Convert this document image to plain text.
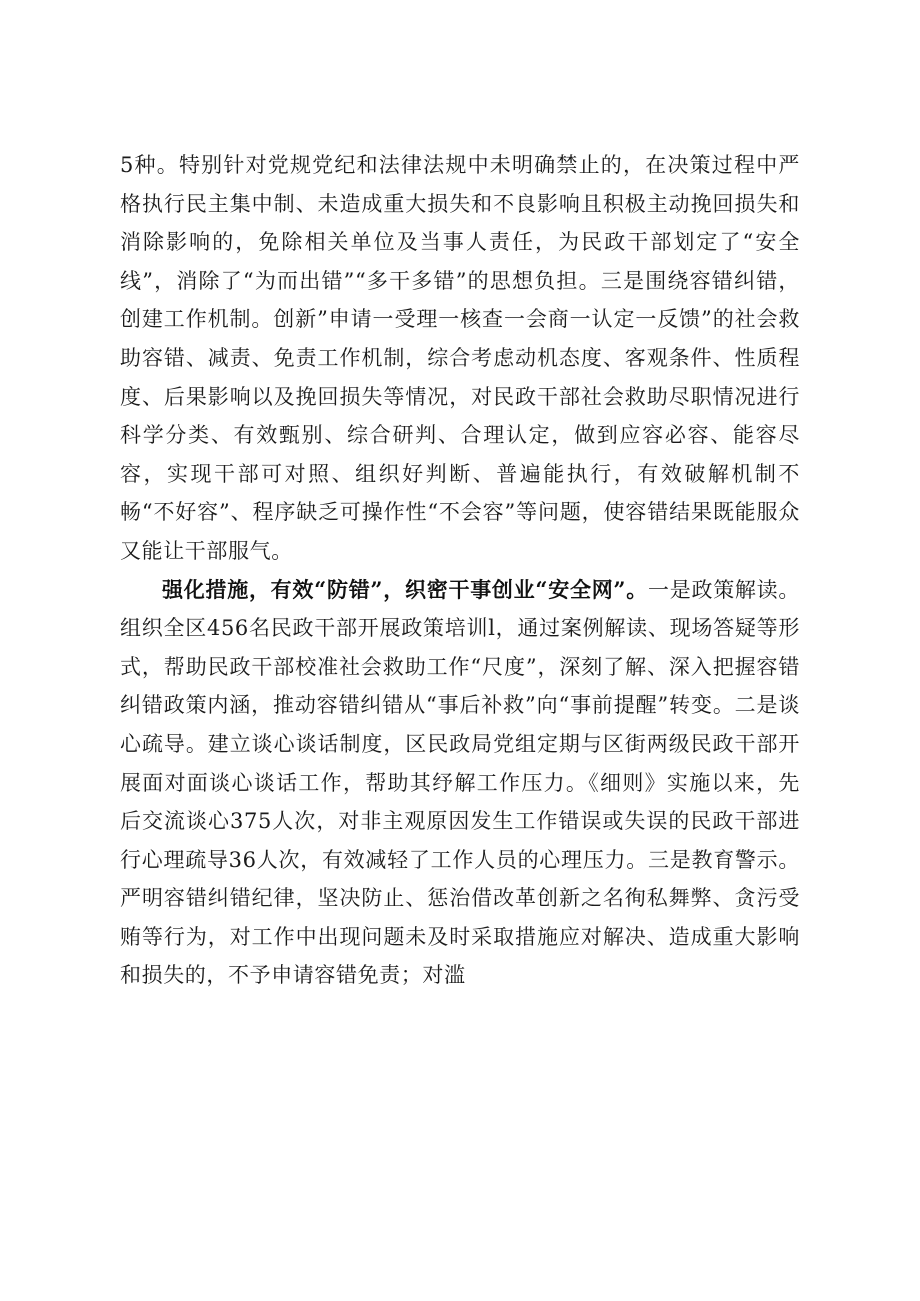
5种。特别针对党规党纪和法律法规中未明确禁止的，在决策过程中严格执行民主集中制、未造成重大损失和不良影响且积极主动挽回损失和消除影响的，免除相关单位及当事人责任，为民政干部划定了“安全线”，消除了“为而出错”“多干多错”的思想负担。三是围绕容错纠错，创建工作机制。创新”申请一受理一核查一会商一认定一反馈”的社会救助容错、减责、免责工作机制，综合考虑动机态度、客观条件、性质程度、后果影响以及挽回损失等情况，对民政干部社会救助尽职情况进行科学分类、有效甄别、综合研判、合理认定，做到应容必容、能容尽容，实现干部可对照、组织好判断、普遍能执行，有效破解机制不畅“不好容”、程序缺乏可操作性“不会容”等问题，使容错结果既能服众又能让干部服气。

强化措施，有效“防错”，织密干事创业“安全网”。一是政策解读。组织全区456名民政干部开展政策培训l，通过案例解读、现场答疑等形式，帮助民政干部校准社会救助工作“尺度”，深刻了解、深入把握容错纠错政策内涵，推动容错纠错从“事后补救”向“事前提醒”转变。二是谈心疏导。建立谈心谈话制度，区民政局党组定期与区街两级民政干部开展面对面谈心谈话工作，帮助其纾解工作压力。《细则》实施以来，先后交流谈心375人次，对非主观原因发生工作错误或失误的民政干部进行心理疏导36人次，有效减轻了工作人员的心理压力。三是教育警示。严明容错纠错纪律，坚决防止、惩治借改革创新之名徇私舞弊、贪污受贿等行为，对工作中出现问题未及时采取措施应对解决、造成重大影响和损失的，不予申请容错免责；对滥
